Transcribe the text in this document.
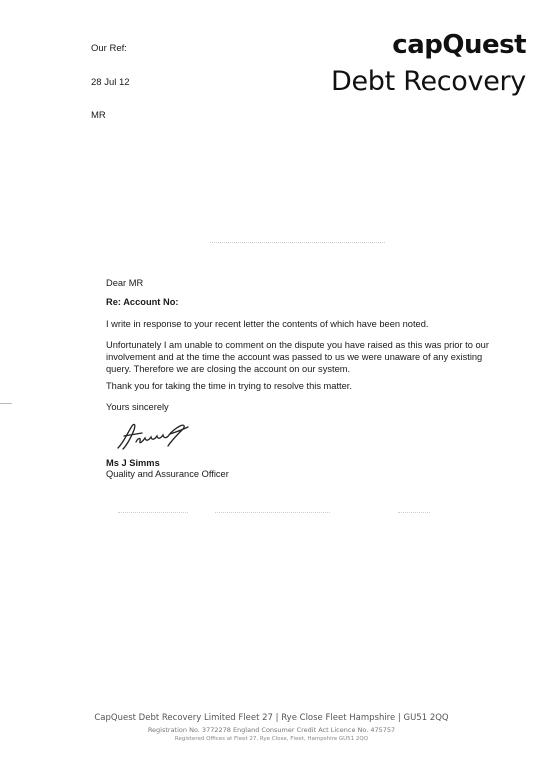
Our Ref:
28 Jul 12
MR
capQuest
Debt Recovery
Dear MR
Re: Account No:
I write in response to your recent letter the contents of which have been noted.
Unfortunately I am unable to comment on the dispute you have raised as this was prior to our involvement and at the time the account was passed to us we were unaware of any existing query. Therefore we are closing the account on our system.
Thank you for taking the time in trying to resolve this matter.
Yours sincerely
Ms J Simms
Quality and Assurance Officer
CapQuest Debt Recovery Limited Fleet 27 | Rye Close Fleet Hampshire | GU51 2QQ
Registration No. 3772278 England Consumer Credit Act Licence No. 475757
Registered Offices at Fleet 27, Rye Close, Fleet, Hampshire GU51 2QQ
